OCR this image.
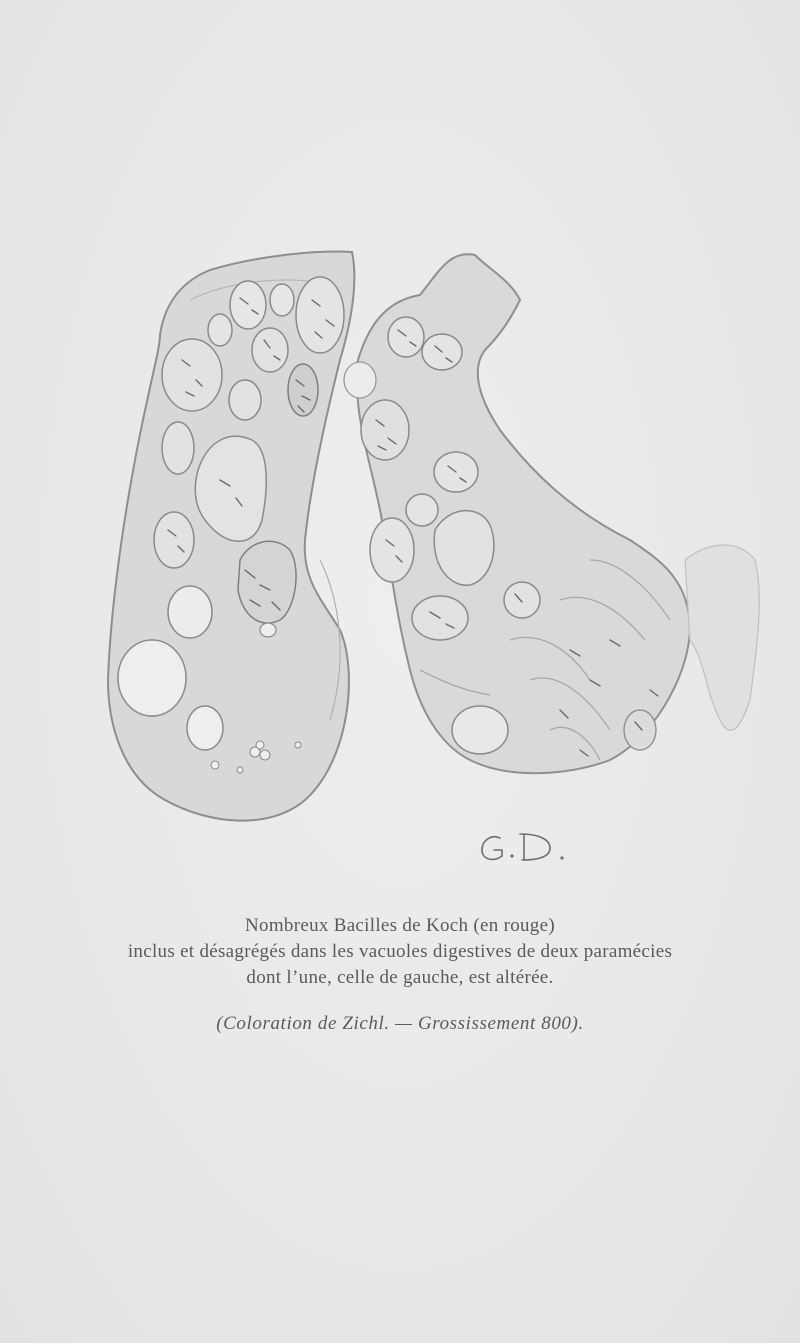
Nombreux Bacilles de Koch (en rouge)
inclus et désagrégés dans les vacuoles digestives de deux paramécies
dont l’une, celle de gauche, est altérée.
(Coloration de Zichl. — Grossissement 800).
